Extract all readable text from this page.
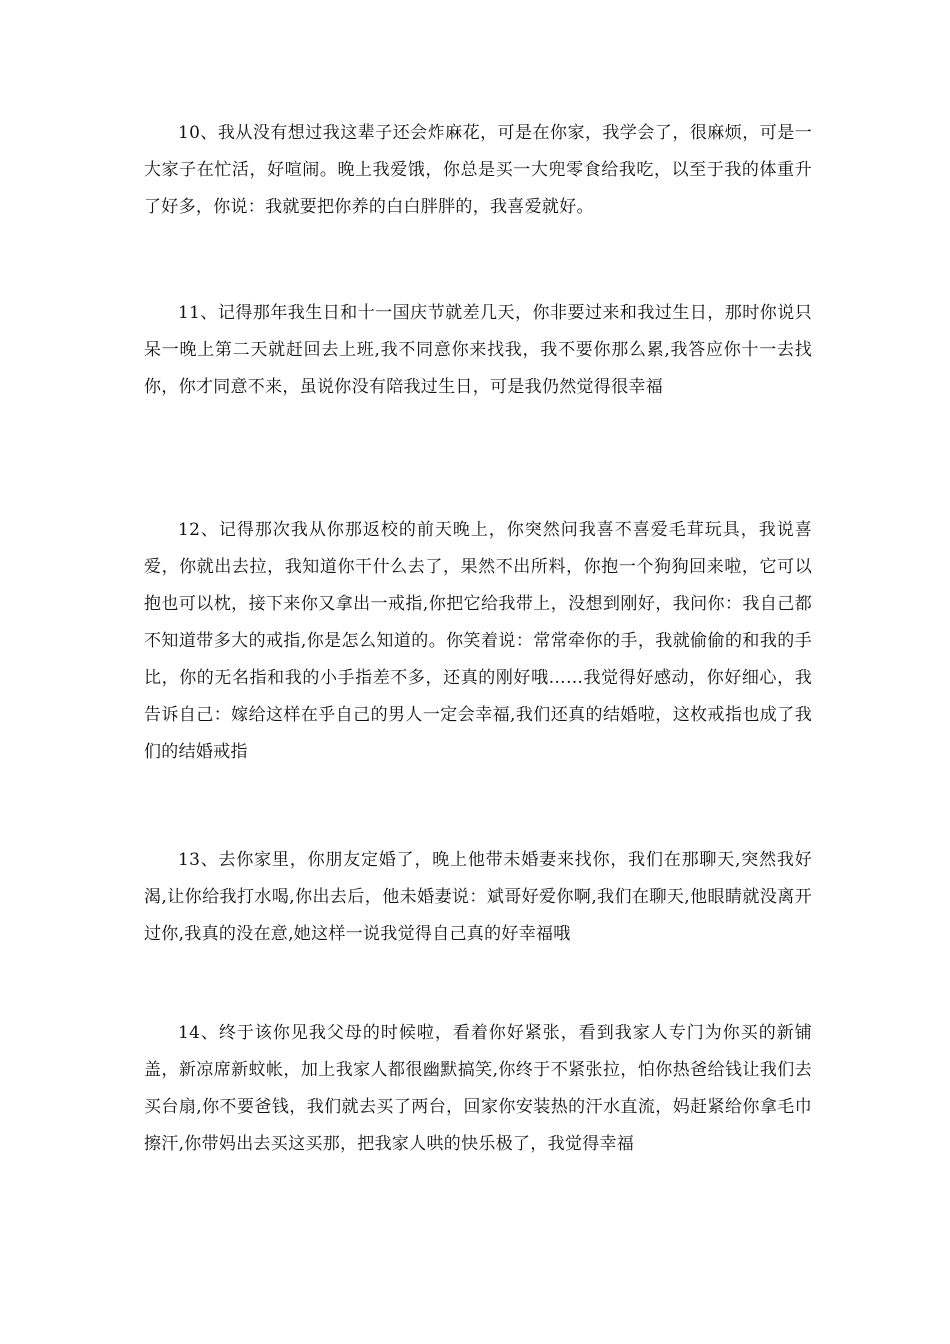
10、我从没有想过我这辈子还会炸麻花，可是在你家，我学会了，很麻烦，可是一大家子在忙活，好喧闹。晚上我爱饿，你总是买一大兜零食给我吃，以至于我的体重升了好多，你说：我就要把你养的白白胖胖的，我喜爱就好。

11、记得那年我生日和十一国庆节就差几天，你非要过来和我过生日，那时你说只呆一晚上第二天就赶回去上班,我不同意你来找我，我不要你那么累,我答应你十一去找你，你才同意不来，虽说你没有陪我过生日，可是我仍然觉得很幸福

12、记得那次我从你那返校的前天晚上，你突然问我喜不喜爱毛茸玩具，我说喜爱，你就出去拉，我知道你干什么去了，果然不出所料，你抱一个狗狗回来啦，它可以抱也可以枕，接下来你又拿出一戒指,你把它给我带上，没想到刚好，我问你：我自己都不知道带多大的戒指,你是怎么知道的。你笑着说：常常牵你的手，我就偷偷的和我的手比，你的无名指和我的小手指差不多，还真的刚好哦……我觉得好感动，你好细心，我告诉自己：嫁给这样在乎自己的男人一定会幸福,我们还真的结婚啦，这枚戒指也成了我们的结婚戒指

13、去你家里，你朋友定婚了，晚上他带未婚妻来找你，我们在那聊天,突然我好渴,让你给我打水喝,你出去后，他未婚妻说：斌哥好爱你啊,我们在聊天,他眼睛就没离开过你,我真的没在意,她这样一说我觉得自己真的好幸福哦

14、终于该你见我父母的时候啦，看着你好紧张，看到我家人专门为你买的新铺盖，新凉席新蚊帐，加上我家人都很幽默搞笑,你终于不紧张拉，怕你热爸给钱让我们去买台扇,你不要爸钱，我们就去买了两台，回家你安装热的汗水直流，妈赶紧给你拿毛巾擦汗,你带妈出去买这买那，把我家人哄的快乐极了，我觉得幸福
